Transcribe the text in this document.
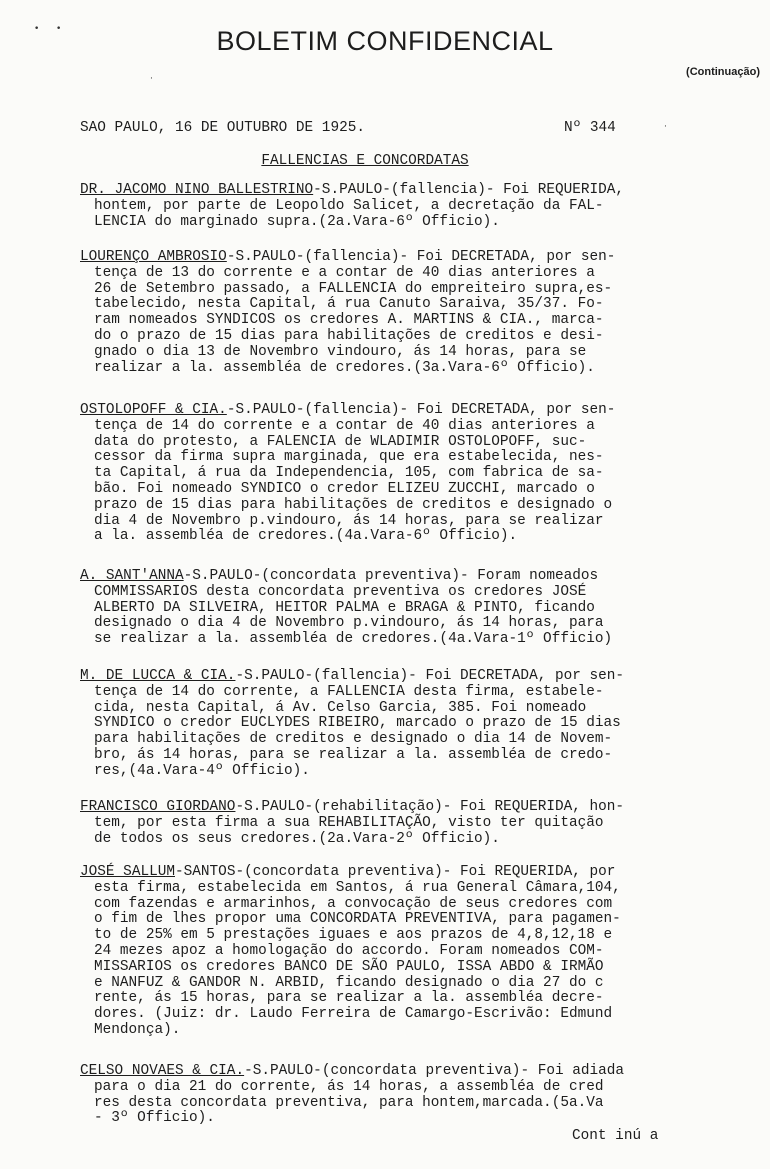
BOLETIM CONFIDENCIAL
(Continuação)
SAO PAULO, 16 DE OUTUBRO DE 1925.	Nº 344
FALLENCIAS E CONCORDATAS
DR. JACOMO NINO BALLESTRINO-S.PAULO-(fallencia)- Foi REQUERIDA,
hontem, por parte de Leopoldo Salicet, a decretação da FAL-
LENCIA do marginado supra.(2a.Vara-6º Officio).
LOURENÇO AMBROSIO-S.PAULO-(fallencia)- Foi DECRETADA, por sen-
tença de 13 do corrente e a contar de 40 dias anteriores a
26 de Setembro passado, a FALLENCIA do empreiteiro supra,es-
tabelecido, nesta Capital, á rua Canuto Saraiva, 35/37. Fo-
ram nomeados SYNDICOS os credores A. MARTINS & CIA., marca-
do o prazo de 15 dias para habilitações de creditos e desi-
gnado o dia 13 de Novembro vindouro, ás 14 horas, para se
realizar a la. assembléa de credores.(3a.Vara-6º Officio).
OSTOLOPOFF & CIA.-S.PAULO-(fallencia)- Foi DECRETADA, por sen-
tença de 14 do corrente e a contar de 40 dias anteriores a
data do protesto, a FALENCIA de WLADIMIR OSTOLOPOFF, suc-
cessor da firma supra marginada, que era estabelecida, nes-
ta Capital, á rua da Independencia, 105, com fabrica de sa-
bão. Foi nomeado SYNDICO o credor ELIZEU ZUCCHI, marcado o
prazo de 15 dias para habilitações de creditos e designado o
dia 4 de Novembro p.vindouro, ás 14 horas, para se realizar
a la. assembléa de credores.(4a.Vara-6º Officio).
A. SANT'ANNA-S.PAULO-(concordata preventiva)- Foram nomeados
COMMISSARIOS desta concordata preventiva os credores JOSÉ
ALBERTO DA SILVEIRA, HEITOR PALMA e BRAGA & PINTO, ficando
designado o dia 4 de Novembro p.vindouro, ás 14 horas, para
se realizar a la. assembléa de credores.(4a.Vara-1º Officio)
M. DE LUCCA & CIA.-S.PAULO-(fallencia)- Foi DECRETADA, por sen-
tença de 14 do corrente, a FALLENCIA desta firma, estabele-
cida, nesta Capital, á Av. Celso Garcia, 385. Foi nomeado
SYNDICO o credor EUCLYDES RIBEIRO, marcado o prazo de 15 dias
para habilitações de creditos e designado o dia 14 de Novem-
bro, ás 14 horas, para se realizar a la. assembléa de credo-
res,(4a.Vara-4º Officio).
FRANCISCO GIORDANO-S.PAULO-(rehabilitação)- Foi REQUERIDA, hon-
tem, por esta firma a sua REHABILITAÇÃO, visto ter quitação
de todos os seus credores.(2a.Vara-2º Officio).
JOSÉ SALLUM-SANTOS-(concordata preventiva)- Foi REQUERIDA, por
esta firma, estabelecida em Santos, á rua General Câmara,104,
com fazendas e armarinhos, a convocação de seus credores com
o fim de lhes propor uma CONCORDATA PREVENTIVA, para pagamen-
to de 25% em 5 prestações iguaes e aos prazos de 4,8,12,18 e
24 mezes apoz a homologação do accordo. Foram nomeados COM-
MISSARIOS os credores BANCO DE SÃO PAULO, ISSA ABDO & IRMÃO
e NANFUZ & GANDOR N. ARBID, ficando designado o dia 27 do c
rente, ás 15 horas, para se realizar a la. assembléa decre-
dores. (Juiz: dr. Laudo Ferreira de Camargo-Escrivão: Edmund
Mendonça).
CELSO NOVAES & CIA.-S.PAULO-(concordata preventiva)- Foi adiada
para o dia 21 do corrente, ás 14 horas, a assembléa de cred
res desta concordata preventiva, para hontem,marcada.(5a.Va
- 3º Officio).
Cont inú a
• •
·
·
